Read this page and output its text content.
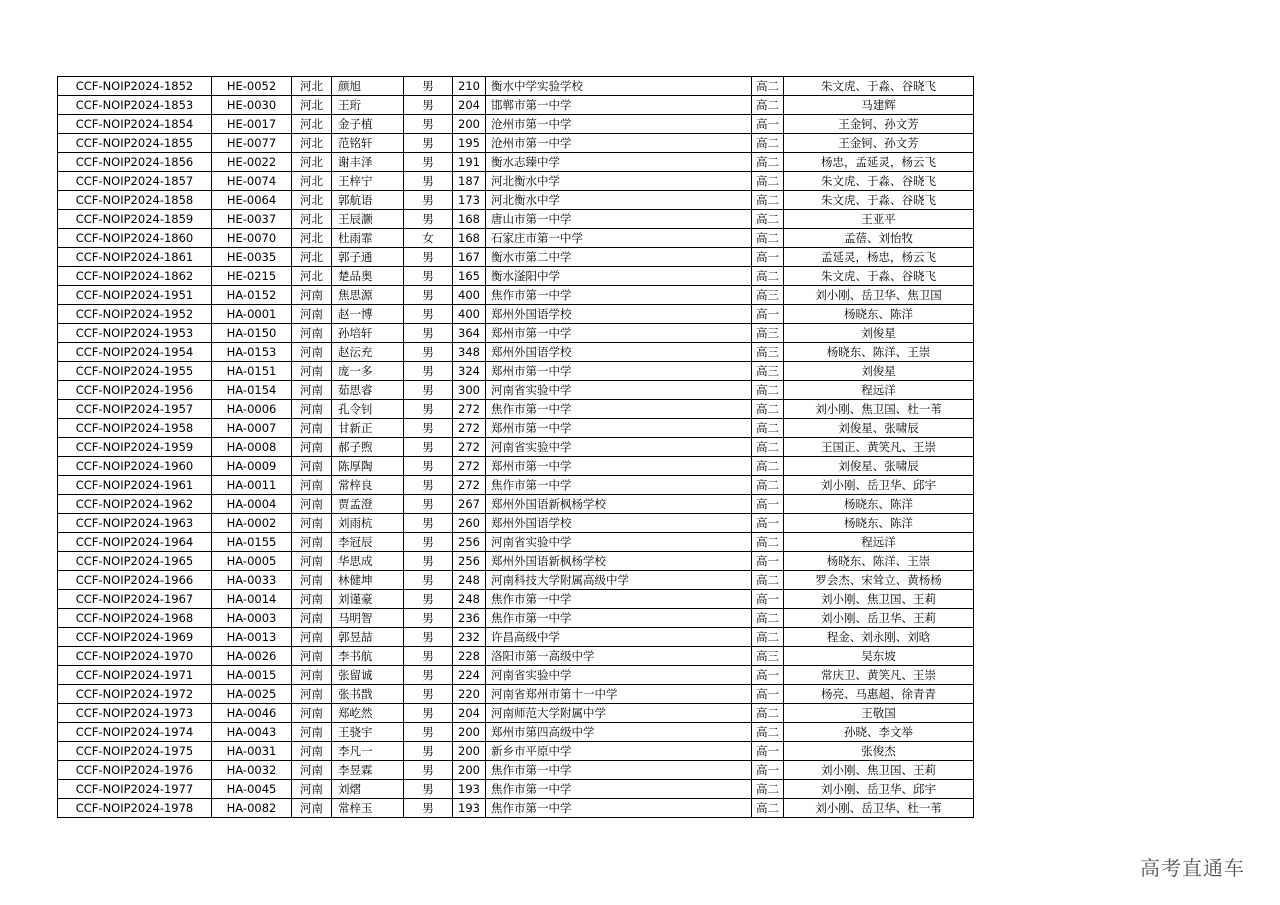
CCF-NOIP2024-1852	HE-0052	河北	颜旭	男	210	衡水中学实验学校	高二	朱文虎、于淼、谷晓飞
CCF-NOIP2024-1853	HE-0030	河北	王珩	男	204	邯郸市第一中学	高二	马建辉
CCF-NOIP2024-1854	HE-0017	河北	金子植	男	200	沧州市第一中学	高一	王金钶、孙文芳
CCF-NOIP2024-1855	HE-0077	河北	范铭轩	男	195	沧州市第一中学	高二	王金钶、孙文芳
CCF-NOIP2024-1856	HE-0022	河北	谢丰泽	男	191	衡水志臻中学	高二	杨忠，孟延灵，杨云飞
CCF-NOIP2024-1857	HE-0074	河北	王梓宁	男	187	河北衡水中学	高二	朱文虎、于淼、谷晓飞
CCF-NOIP2024-1858	HE-0064	河北	郭航语	男	173	河北衡水中学	高二	朱文虎、于淼、谷晓飞
CCF-NOIP2024-1859	HE-0037	河北	王辰灏	男	168	唐山市第一中学	高二	王亚平
CCF-NOIP2024-1860	HE-0070	河北	杜雨霏	女	168	石家庄市第一中学	高二	孟蓓、刘怡牧
CCF-NOIP2024-1861	HE-0035	河北	郭子通	男	167	衡水市第二中学	高一	孟延灵，杨忠，杨云飞
CCF-NOIP2024-1862	HE-0215	河北	楚品奥	男	165	衡水滏阳中学	高二	朱文虎、于淼、谷晓飞
CCF-NOIP2024-1951	HA-0152	河南	焦思源	男	400	焦作市第一中学	高三	刘小刚、岳卫华、焦卫国
CCF-NOIP2024-1952	HA-0001	河南	赵一博	男	400	郑州外国语学校	高一	杨晓东、陈洋
CCF-NOIP2024-1953	HA-0150	河南	孙培轩	男	364	郑州市第一中学	高三	刘俊星
CCF-NOIP2024-1954	HA-0153	河南	赵沄充	男	348	郑州外国语学校	高三	杨晓东、陈洋、王崇
CCF-NOIP2024-1955	HA-0151	河南	庞一多	男	324	郑州市第一中学	高三	刘俊星
CCF-NOIP2024-1956	HA-0154	河南	茹思睿	男	300	河南省实验中学	高二	程远洋
CCF-NOIP2024-1957	HA-0006	河南	孔令钊	男	272	焦作市第一中学	高二	刘小刚、焦卫国、杜一苇
CCF-NOIP2024-1958	HA-0007	河南	甘新正	男	272	郑州市第一中学	高二	刘俊星、张啸辰
CCF-NOIP2024-1959	HA-0008	河南	郝子煦	男	272	河南省实验中学	高二	王国正、黄笑凡、王崇
CCF-NOIP2024-1960	HA-0009	河南	陈厚陶	男	272	郑州市第一中学	高二	刘俊星、张啸辰
CCF-NOIP2024-1961	HA-0011	河南	常梓良	男	272	焦作市第一中学	高二	刘小刚、岳卫华、邱宇
CCF-NOIP2024-1962	HA-0004	河南	贾孟澄	男	267	郑州外国语新枫杨学校	高一	杨晓东、陈洋
CCF-NOIP2024-1963	HA-0002	河南	刘雨杭	男	260	郑州外国语学校	高一	杨晓东、陈洋
CCF-NOIP2024-1964	HA-0155	河南	李冠辰	男	256	河南省实验中学	高二	程远洋
CCF-NOIP2024-1965	HA-0005	河南	华思成	男	256	郑州外国语新枫杨学校	高一	杨晓东、陈洋、王崇
CCF-NOIP2024-1966	HA-0033	河南	林健坤	男	248	河南科技大学附属高级中学	高二	罗会杰、宋耸立、黄杨杨
CCF-NOIP2024-1967	HA-0014	河南	刘谨豪	男	248	焦作市第一中学	高一	刘小刚、焦卫国、王莉
CCF-NOIP2024-1968	HA-0003	河南	马明智	男	236	焦作市第一中学	高二	刘小刚、岳卫华、王莉
CCF-NOIP2024-1969	HA-0013	河南	郭昱喆	男	232	许昌高级中学	高二	程金、刘永刚、刘晗
CCF-NOIP2024-1970	HA-0026	河南	李书航	男	228	洛阳市第一高级中学	高三	吴东坡
CCF-NOIP2024-1971	HA-0015	河南	张留诚	男	224	河南省实验中学	高一	常庆卫、黄笑凡、王崇
CCF-NOIP2024-1972	HA-0025	河南	张书戬	男	220	河南省郑州市第十一中学	高一	杨亮、马惠超、徐青青
CCF-NOIP2024-1973	HA-0046	河南	郑屹然	男	204	河南师范大学附属中学	高二	王敬国
CCF-NOIP2024-1974	HA-0043	河南	王骁宇	男	200	郑州市第四高级中学	高二	孙晓、李文举
CCF-NOIP2024-1975	HA-0031	河南	李凡一	男	200	新乡市平原中学	高一	张俊杰
CCF-NOIP2024-1976	HA-0032	河南	李昱霖	男	200	焦作市第一中学	高一	刘小刚、焦卫国、王莉
CCF-NOIP2024-1977	HA-0045	河南	刘熠	男	193	焦作市第一中学	高二	刘小刚、岳卫华、邱宇
CCF-NOIP2024-1978	HA-0082	河南	常梓玉	男	193	焦作市第一中学	高二	刘小刚、岳卫华、杜一苇
高考直通车
